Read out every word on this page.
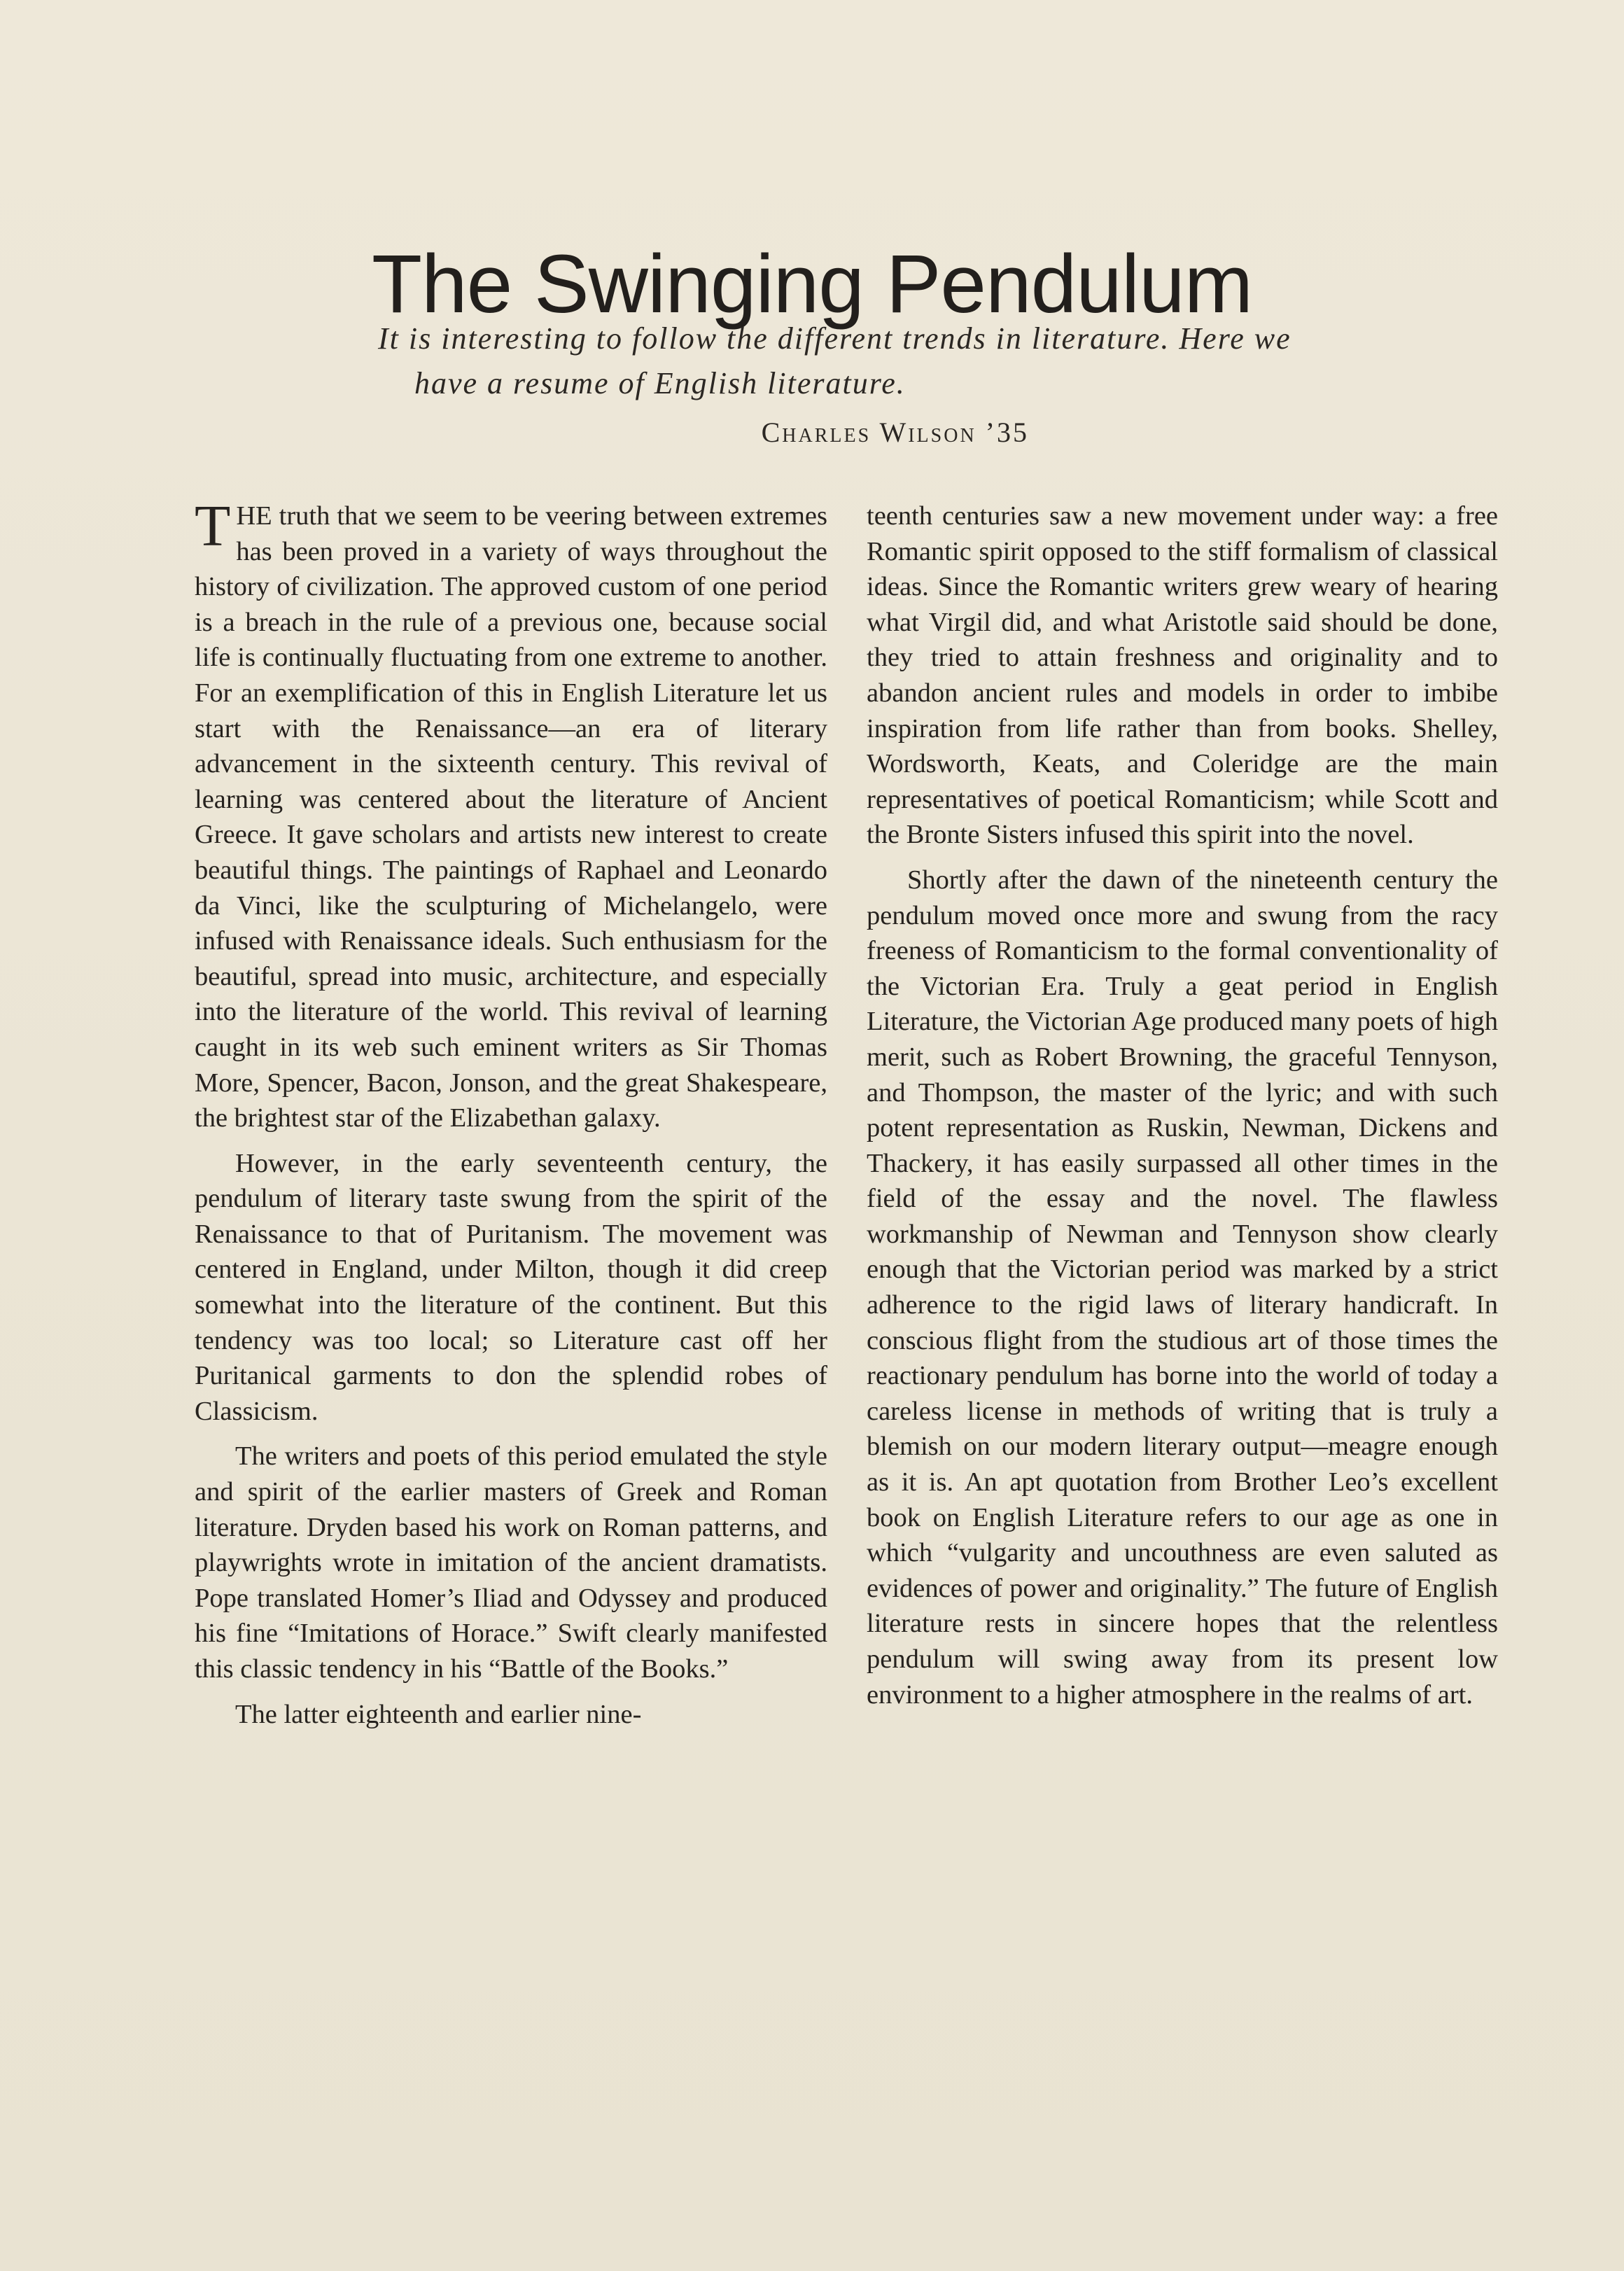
The Swinging Pendulum
It is interesting to follow the different trends in literature. Here we
have a resume of English literature.
Charles Wilson ’35

THE truth that we seem to be veering between extremes has been proved in a variety of ways throughout the history of civilization. The approved custom of one period is a breach in the rule of a previous one, because social life is continually fluctuating from one extreme to another. For an exemplification of this in English Literature let us start with the Renaissance—an era of literary advancement in the sixteenth century. This revival of learning was centered about the literature of Ancient Greece. It gave scholars and artists new interest to create beautiful things. The paintings of Raphael and Leonardo da Vinci, like the sculpturing of Michelangelo, were infused with Renaissance ideals. Such enthusiasm for the beautiful, spread into music, architecture, and especially into the literature of the world. This revival of learning caught in its web such eminent writers as Sir Thomas More, Spencer, Bacon, Jonson, and the great Shakespeare, the brightest star of the Elizabethan galaxy.

However, in the early seventeenth century, the pendulum of literary taste swung from the spirit of the Renaissance to that of Puritanism. The movement was centered in England, under Milton, though it did creep somewhat into the literature of the continent. But this tendency was too local; so Literature cast off her Puritanical garments to don the splendid robes of Classicism.

The writers and poets of this period emulated the style and spirit of the earlier masters of Greek and Roman literature. Dryden based his work on Roman patterns, and playwrights wrote in imitation of the ancient dramatists. Pope translated Homer’s Iliad and Odyssey and produced his fine “Imitations of Horace.” Swift clearly manifested this classic tendency in his “Battle of the Books.”

The latter eighteenth and earlier nine-

teenth centuries saw a new movement under way: a free Romantic spirit opposed to the stiff formalism of classical ideas. Since the Romantic writers grew weary of hearing what Virgil did, and what Aristotle said should be done, they tried to attain freshness and originality and to abandon ancient rules and models in order to imbibe inspiration from life rather than from books. Shelley, Wordsworth, Keats, and Coleridge are the main representatives of poetical Romanticism; while Scott and the Bronte Sisters infused this spirit into the novel.

Shortly after the dawn of the nineteenth century the pendulum moved once more and swung from the racy freeness of Romanticism to the formal conventionality of the Victorian Era. Truly a geat period in English Literature, the Victorian Age produced many poets of high merit, such as Robert Browning, the graceful Tennyson, and Thompson, the master of the lyric; and with such potent representation as Ruskin, Newman, Dickens and Thackery, it has easily surpassed all other times in the field of the essay and the novel. The flawless workmanship of Newman and Tennyson show clearly enough that the Victorian period was marked by a strict adherence to the rigid laws of literary handicraft. In conscious flight from the studious art of those times the reactionary pendulum has borne into the world of today a careless license in methods of writing that is truly a blemish on our modern literary output—meagre enough as it is. An apt quotation from Brother Leo’s excellent book on English Literature refers to our age as one in which “vulgarity and uncouthness are even saluted as evidences of power and originality.” The future of English literature rests in sincere hopes that the relentless pendulum will swing away from its present low environment to a higher atmosphere in the realms of art.
